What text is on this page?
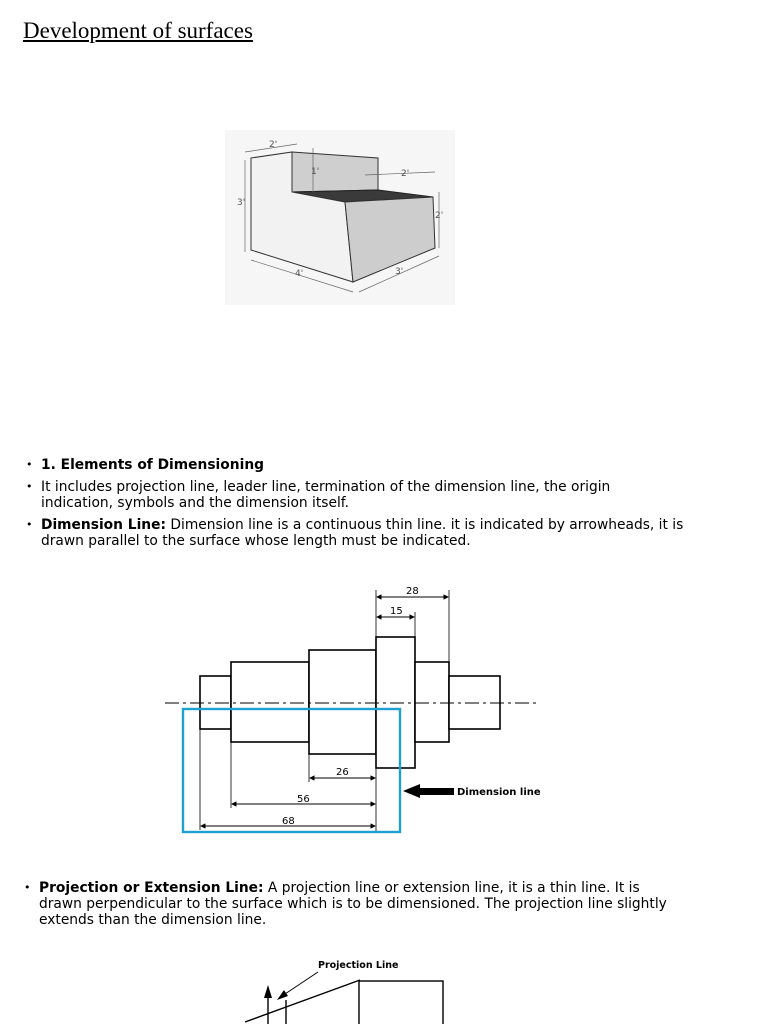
Development of surfaces
2'
1'	2'
3'
2'
4'	3'
• 1. Elements of Dimensioning
• It includes projection line, leader line, termination of the dimension line, the origin indication, symbols and the dimension itself.
• Dimension Line: Dimension line is a continuous thin line. it is indicated by arrowheads, it is drawn parallel to the surface whose length must be indicated.
28
15
26
56
68
Dimension line
• Projection or Extension Line: A projection line or extension line, it is a thin line. It is drawn perpendicular to the surface which is to be dimensioned. The projection line slightly extends than the dimension line.
Projection Line
